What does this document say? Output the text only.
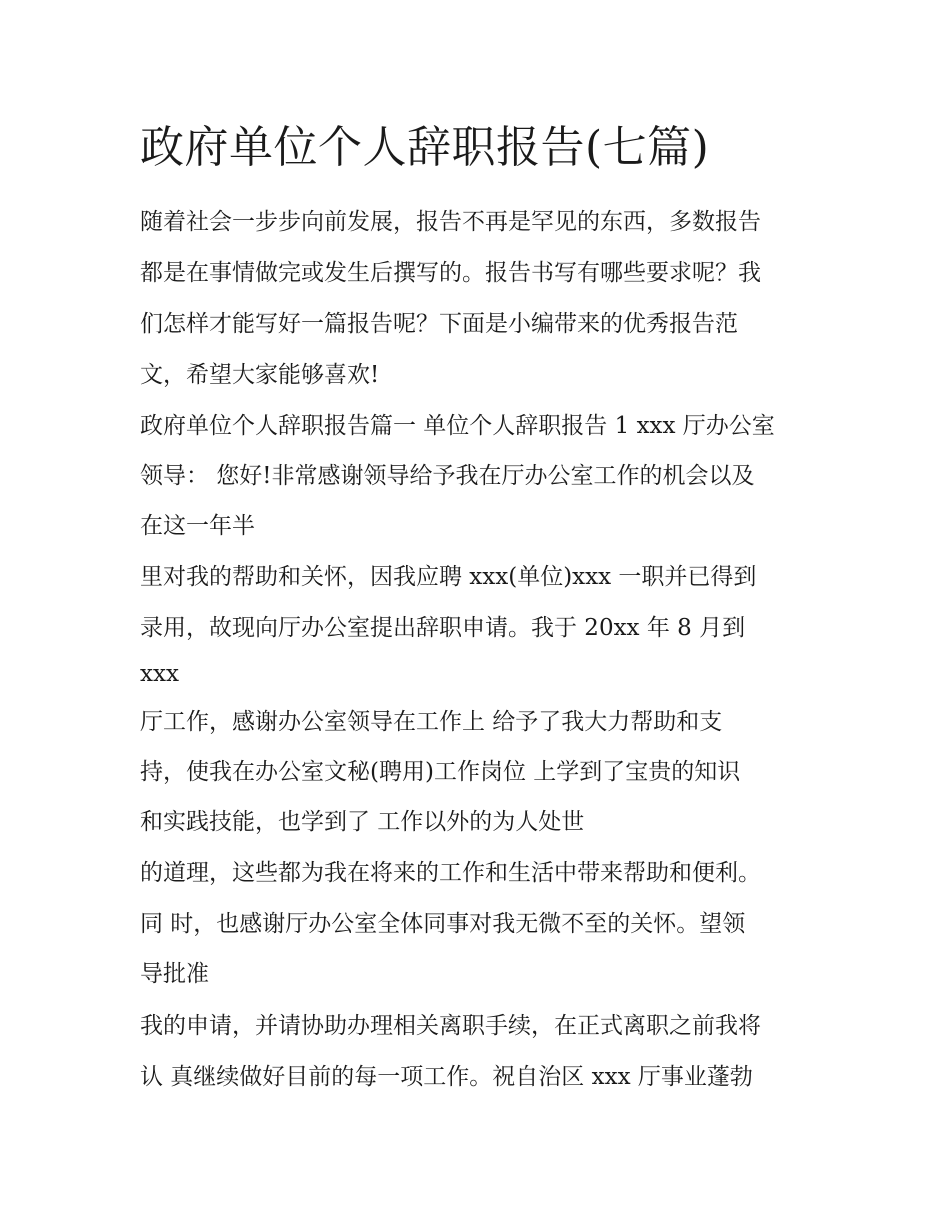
政府单位个人辞职报告(七篇)

随着社会一步步向前发展，报告不再是罕见的东西，多数报告

都是在事情做完或发生后撰写的。报告书写有哪些要求呢？我

们怎样才能写好一篇报告呢？下面是小编带来的优秀报告范

文，希望大家能够喜欢!

政府单位个人辞职报告篇一 单位个人辞职报告 1 xxx 厅办公室

领导： 您好!非常感谢领导给予我在厅办公室工作的机会以及

在这一年半

里对我的帮助和关怀，因我应聘 xxx(单位)xxx 一职并已得到

录用，故现向厅办公室提出辞职申请。我于 20xx 年 8 月到

xxx

厅工作，感谢办公室领导在工作上 给予了我大力帮助和支

持，使我在办公室文秘(聘用)工作岗位 上学到了宝贵的知识

和实践技能，也学到了 工作以外的为人处世

的道理，这些都为我在将来的工作和生活中带来帮助和便利。

同 时，也感谢厅办公室全体同事对我无微不至的关怀。望领

导批准

我的申请，并请协助办理相关离职手续，在正式离职之前我将

认 真继续做好目前的每一项工作。祝自治区 xxx 厅事业蓬勃
